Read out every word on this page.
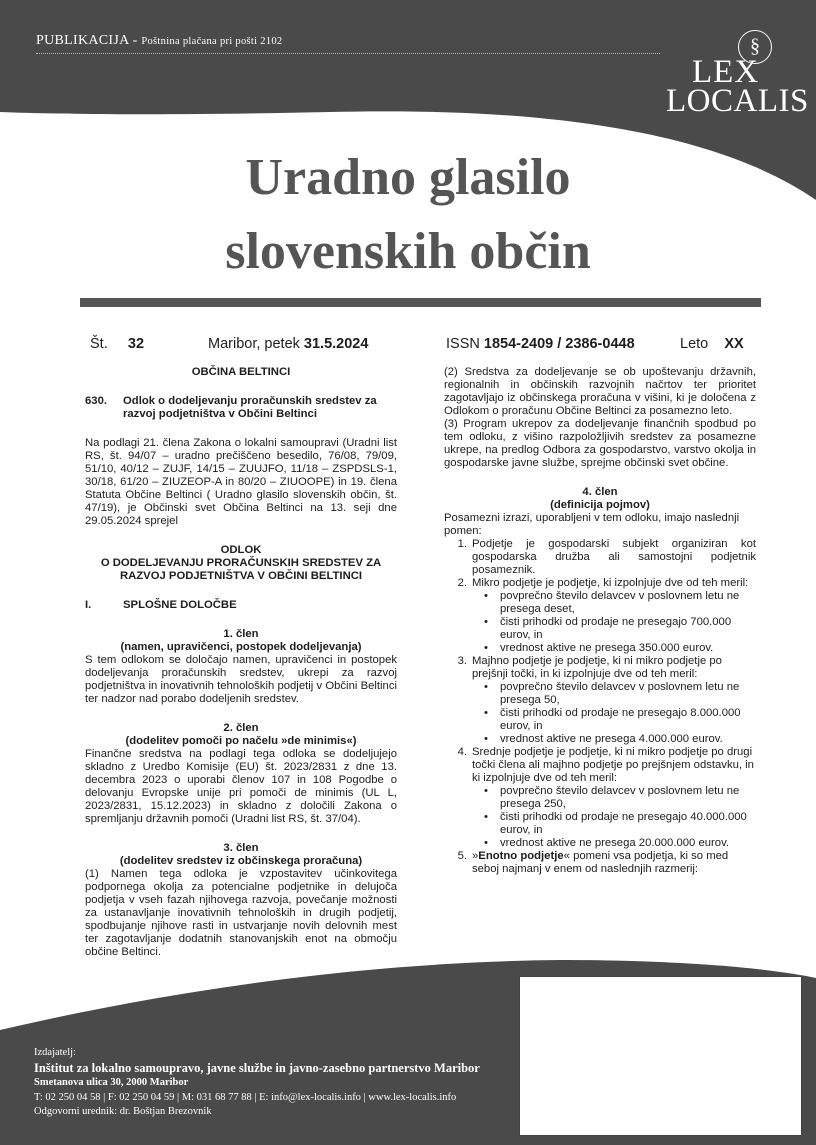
PUBLIKACIJA - Poštnina plačana pri pošti 2102	§
LEX
LOCALIS
Uradno glasilo
slovenskih občin
Št. 32	Maribor, petek 31.5.2024	ISSN 1854-2409 / 2386-0448	Leto XX
OBČINA BELTINCI
630.	Odlok o dodeljevanju proračunskih sredstev za razvoj podjetništva v Občini Beltinci

Na podlagi 21. člena Zakona o lokalni samoupravi (Uradni list RS, št. 94/07 – uradno prečiščeno besedilo, 76/08, 79/09, 51/10, 40/12 – ZUJF, 14/15 – ZUUJFO, 11/18 – ZSPDSLS-1, 30/18, 61/20 – ZIUZEOP-A in 80/20 – ZIUOOPE) in 19. člena Statuta Občine Beltinci ( Uradno glasilo slovenskih občin, št. 47/19), je Občinski svet Občina Beltinci na 13. seji dne 29.05.2024 sprejel

ODLOK
O DODELJEVANJU PRORAČUNSKIH SREDSTEV ZA RAZVOJ PODJETNIŠTVA V OBČINI BELTINCI
I.	SPLOŠNE DOLOČBE
1. člen
(namen, upravičenci, postopek dodeljevanja)

S tem odlokom se določajo namen, upravičenci in postopek dodeljevanja proračunskih sredstev, ukrepi za razvoj podjetništva in inovativnih tehnoloških podjetij v Občini Beltinci ter nadzor nad porabo dodeljenih sredstev.

2. člen
(dodelitev pomoči po načelu »de minimis«)

Finančne sredstva na podlagi tega odloka se dodeljujejo skladno z Uredbo Komisije (EU) št. 2023/2831 z dne 13. decembra 2023 o uporabi členov 107 in 108 Pogodbe o delovanju Evropske unije pri pomoči de minimis (UL L, 2023/2831, 15.12.2023) in skladno z določili Zakona o spremljanju državnih pomoči (Uradni list RS, št. 37/04).

3. člen
(dodelitev sredstev iz občinskega proračuna)

(1) Namen tega odloka je vzpostavitev učinkovitega podpornega okolja za potencialne podjetnike in delujoča podjetja v vseh fazah njihovega razvoja, povečanje možnosti za ustanavljanje inovativnih tehnoloških in drugih podjetij, spodbujanje njihove rasti in ustvarjanje novih delovnih mest ter zagotavljanje dodatnih stanovanjskih enot na območju občine Beltinci.

(2) Sredstva za dodeljevanje se ob upoštevanju državnih, regionalnih in občinskih razvojnih načrtov ter prioritet zagotavljajo iz občinskega proračuna v višini, ki je določena z Odlokom o proračunu Občine Beltinci za posamezno leto.

(3) Program ukrepov za dodeljevanje finančnih spodbud po tem odloku, z višino razpoložljivih sredstev za posamezne ukrepe, na predlog Odbora za gospodarstvo, varstvo okolja in gospodarske javne službe, sprejme občinski svet občine.

4. člen
(definicija pojmov)

Posamezni izrazi, uporabljeni v tem odloku, imajo naslednji pomen:

1. Podjetje je gospodarski subjekt organiziran kot gospodarska družba ali samostojni podjetnik posameznik.
2. Mikro podjetje je podjetje, ki izpolnjuje dve od teh meril:
•	povprečno število delavcev v poslovnem letu ne presega deset,
•	čisti prihodki od prodaje ne presegajo 700.000 eurov, in
•	vrednost aktive ne presega 350.000 eurov.
3. Majhno podjetje je podjetje, ki ni mikro podjetje po prejšnji točki, in ki izpolnjuje dve od teh meril:
•	povprečno število delavcev v poslovnem letu ne presega 50,
•	čisti prihodki od prodaje ne presegajo 8.000.000 eurov, in
•	vrednost aktive ne presega 4.000.000 eurov.
4. Srednje podjetje je podjetje, ki ni mikro podjetje po drugi točki člena ali majhno podjetje po prejšnjem odstavku, in ki izpolnjuje dve od teh meril:
•	povprečno število delavcev v poslovnem letu ne presega 250,
•	čisti prihodki od prodaje ne presegajo 40.000.000 eurov, in
•	vrednost aktive ne presega 20.000.000 eurov.
5. »Enotno podjetje« pomeni vsa podjetja, ki so med seboj najmanj v enem od naslednjih razmerij:
Izdajatelj:
Inštitut za lokalno samoupravo, javne službe in javno-zasebno partnerstvo Maribor
Smetanova ulica 30, 2000 Maribor
T: 02 250 04 58 | F: 02 250 04 59 | M: 031 68 77 88 | E: info@lex-localis.info | www.lex-localis.info
Odgovorni urednik: dr. Boštjan Brezovnik
